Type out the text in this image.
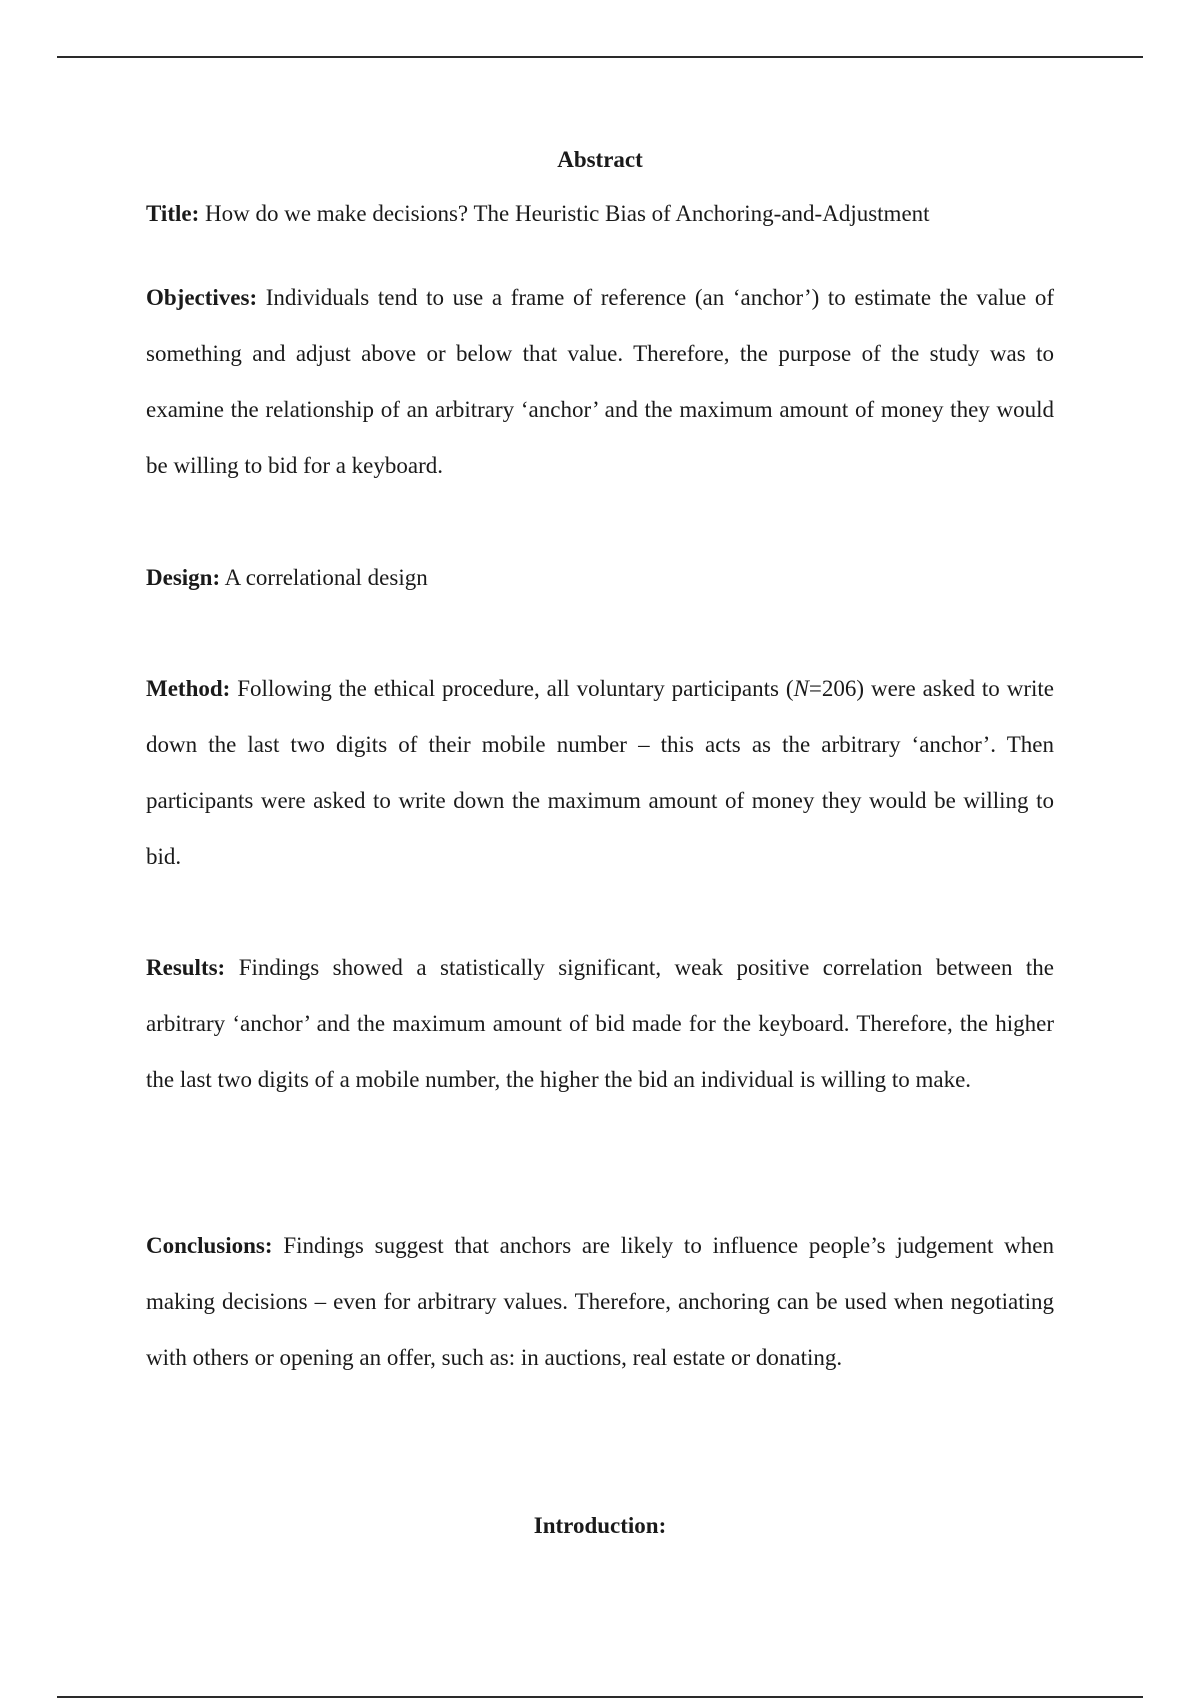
Abstract

Title: How do we make decisions? The Heuristic Bias of Anchoring-and-Adjustment

Objectives: Individuals tend to use a frame of reference (an ‘anchor’) to estimate the value of something and adjust above or below that value. Therefore, the purpose of the study was to examine the relationship of an arbitrary ‘anchor’ and the maximum amount of money they would be willing to bid for a keyboard.

Design: A correlational design

Method: Following the ethical procedure, all voluntary participants (N=206) were asked to write down the last two digits of their mobile number – this acts as the arbitrary ‘anchor’. Then participants were asked to write down the maximum amount of money they would be willing to bid.

Results: Findings showed a statistically significant, weak positive correlation between the arbitrary ‘anchor’ and the maximum amount of bid made for the keyboard. Therefore, the higher the last two digits of a mobile number, the higher the bid an individual is willing to make.

Conclusions: Findings suggest that anchors are likely to influence people’s judgement when making decisions – even for arbitrary values. Therefore, anchoring can be used when negotiating with others or opening an offer, such as: in auctions, real estate or donating.

Introduction:
